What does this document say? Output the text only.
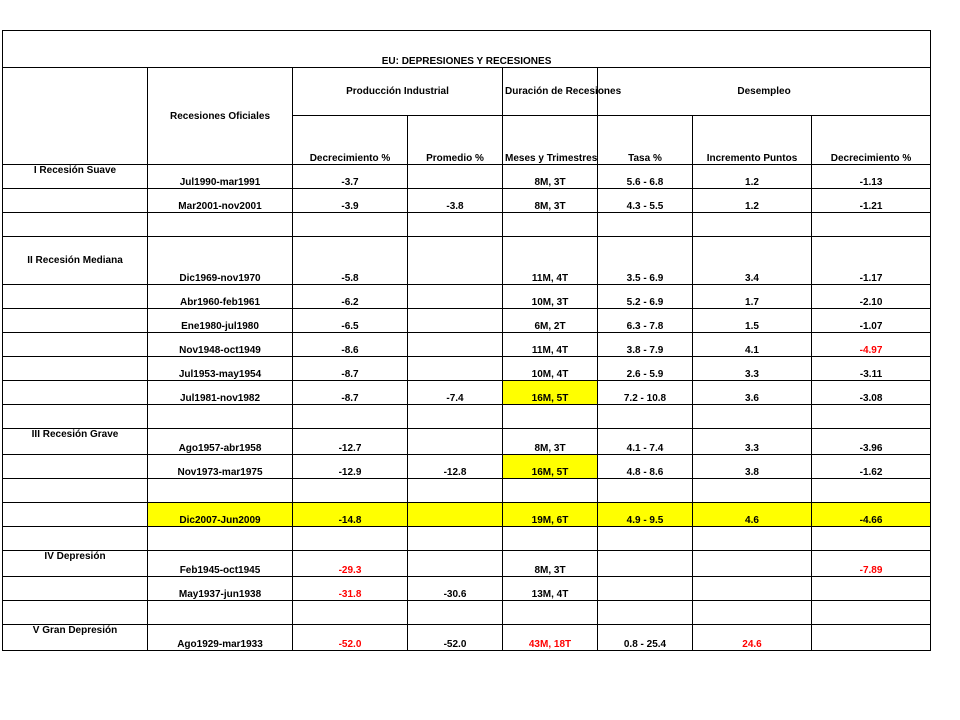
EU: DEPRESIONES Y RECESIONES							
	Recesiones Oficiales	Producción Industrial		Duración de Recesiones	Desempleo		
		Decrecimiento %	Promedio %	Meses y Trimestres	Tasa %	Incremento Puntos	Decrecimiento %
I Recesión Suave	Jul1990-mar1991	-3.7		8M, 3T	5.6 - 6.8	1.2	-1.13
	Mar2001-nov2001	-3.9	-3.8	8M, 3T	4.3 - 5.5	1.2	-1.21

II Recesión Mediana	Dic1969-nov1970	-5.8		11M, 4T	3.5 - 6.9	3.4	-1.17
	Abr1960-feb1961	-6.2		10M, 3T	5.2 - 6.9	1.7	-2.10
	Ene1980-jul1980	-6.5		6M, 2T	6.3 - 7.8	1.5	-1.07
	Nov1948-oct1949	-8.6		11M, 4T	3.8 - 7.9	4.1	-4.97
	Jul1953-may1954	-8.7		10M, 4T	2.6 - 5.9	3.3	-3.11
	Jul1981-nov1982	-8.7	-7.4	16M, 5T	7.2 - 10.8	3.6	-3.08

III Recesión Grave	Ago1957-abr1958	-12.7		8M, 3T	4.1 - 7.4	3.3	-3.96
	Nov1973-mar1975	-12.9	-12.8	16M, 5T	4.8 - 8.6	3.8	-1.62

	Dic2007-Jun2009	-14.8		19M, 6T	4.9 - 9.5	4.6	-4.66

IV Depresión	Feb1945-oct1945	-29.3		8M, 3T			-7.89
	May1937-jun1938	-31.8	-30.6	13M, 4T			

V Gran Depresión	Ago1929-mar1933	-52.0	-52.0	43M, 18T	0.8 - 25.4	24.6	
